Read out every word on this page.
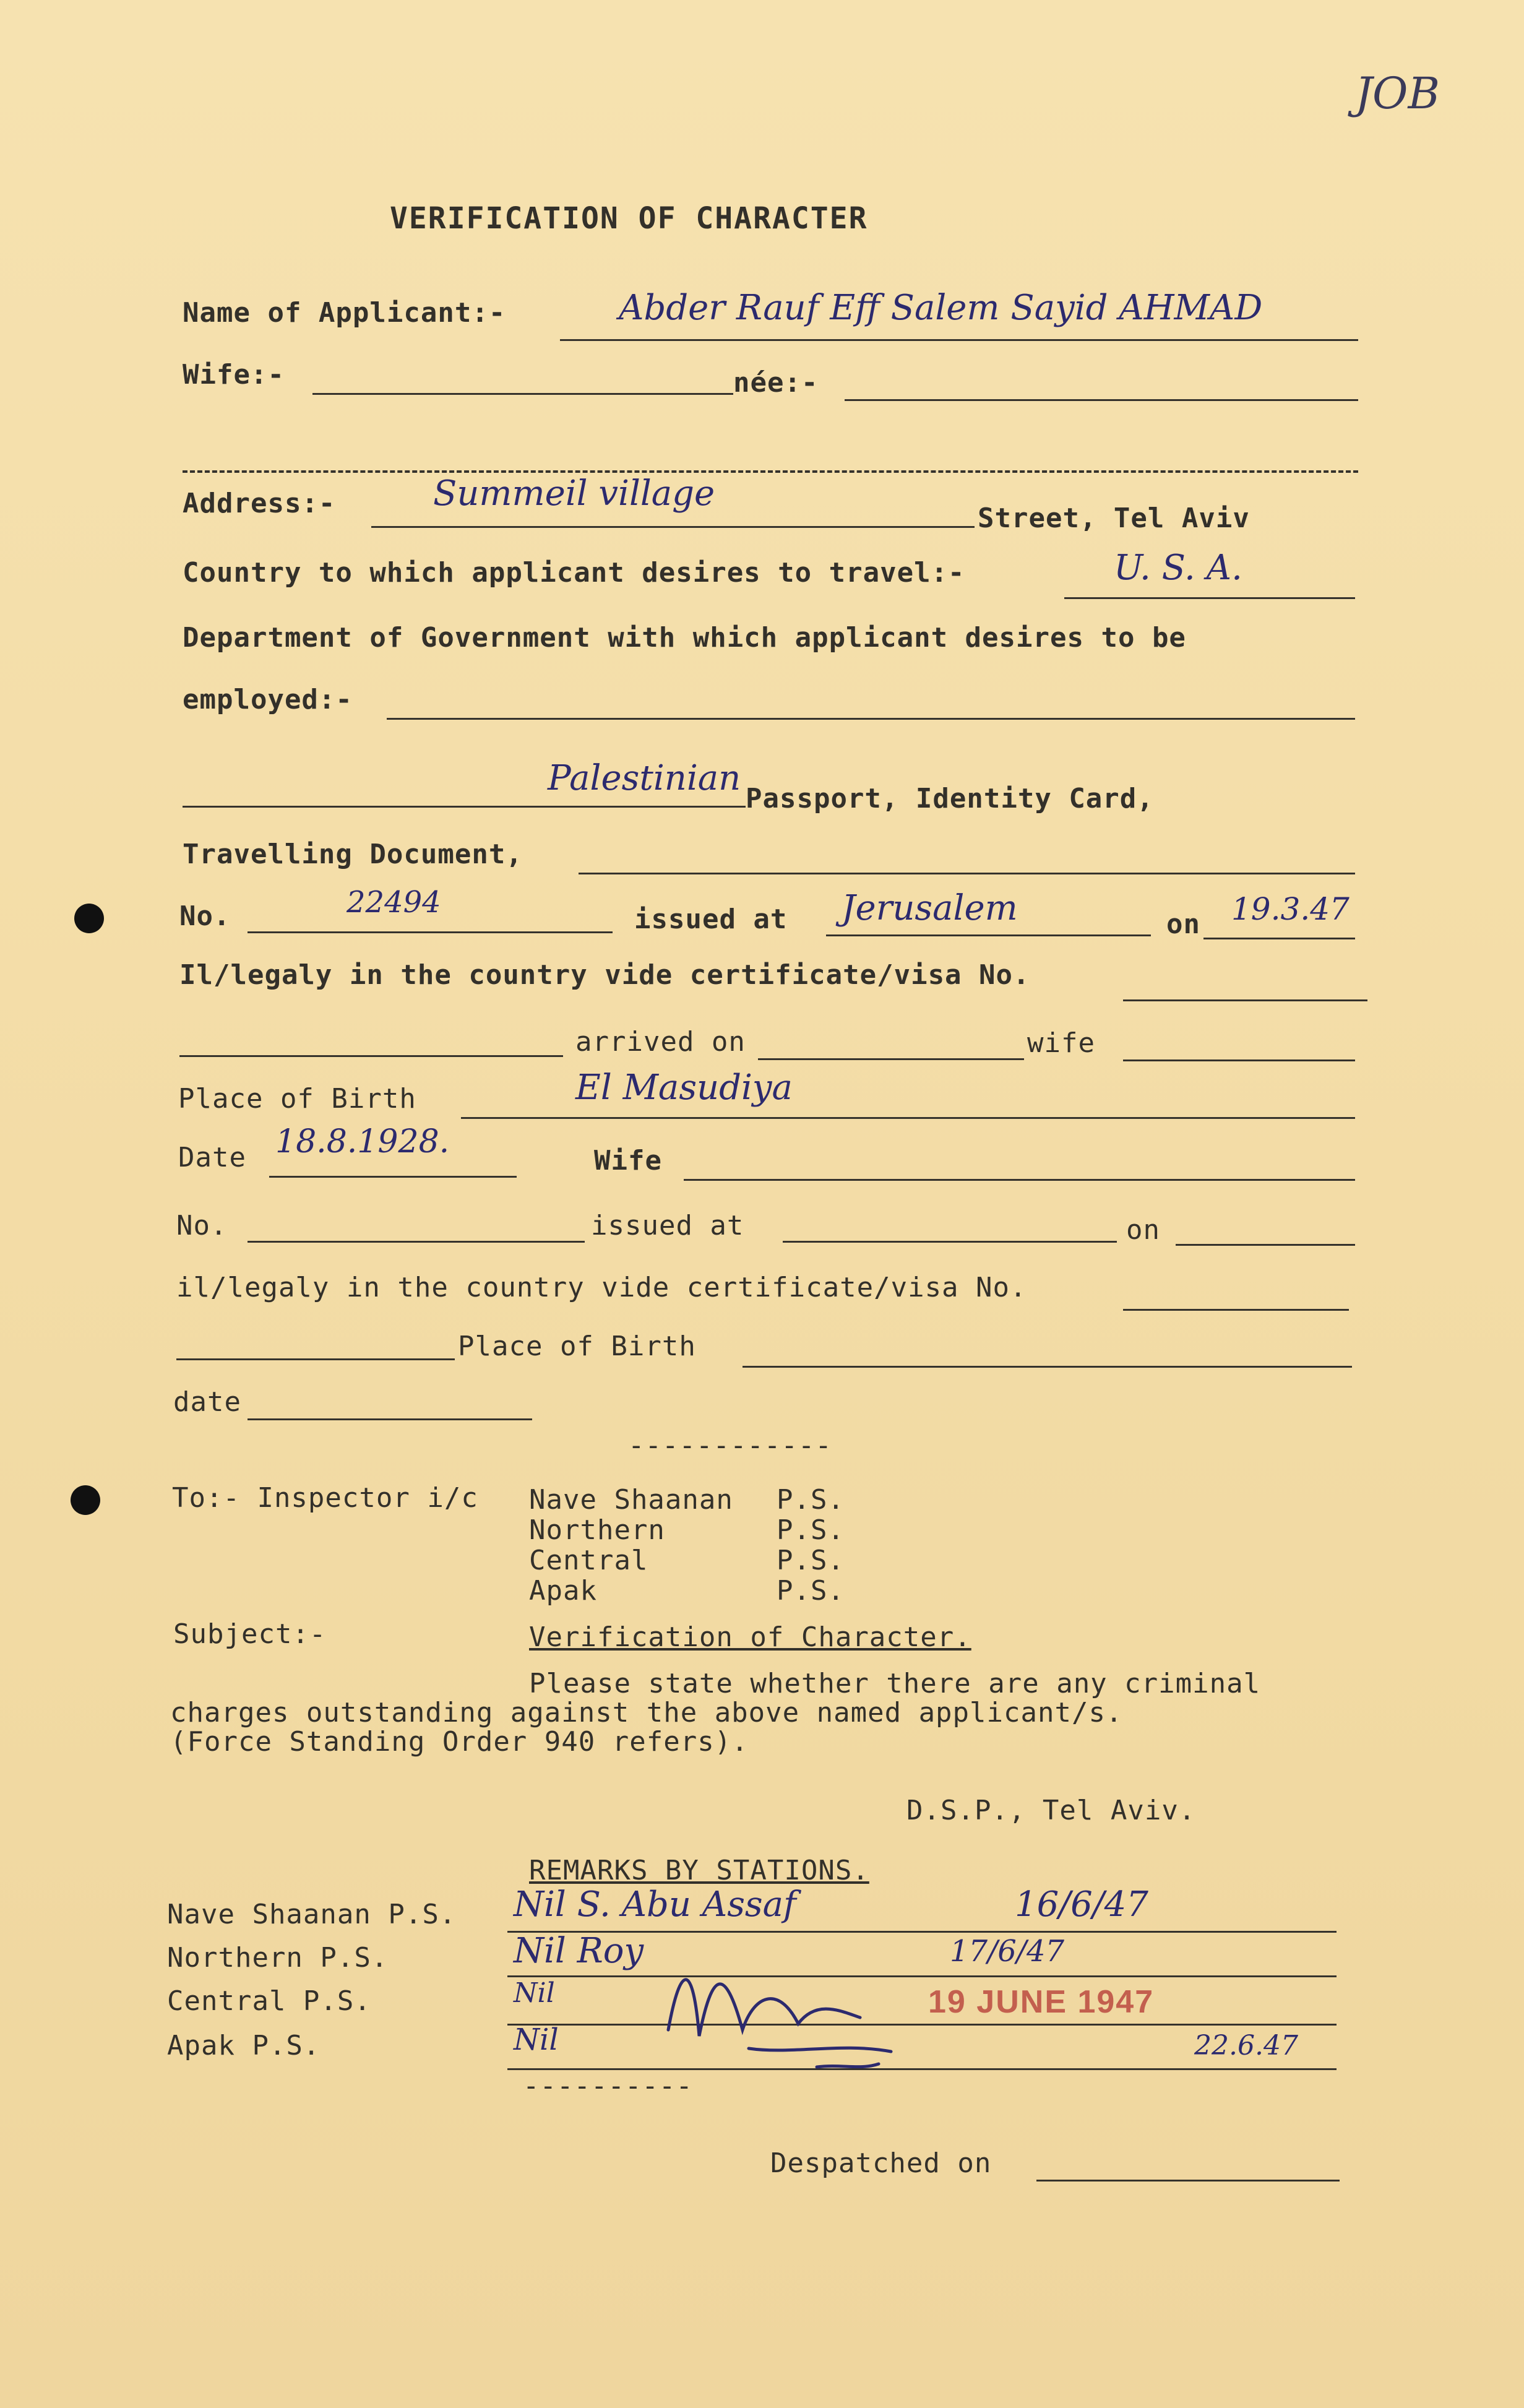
JOB
VERIFICATION OF CHARACTER
Name of Applicant:-	Abder Rauf Eff Salem Sayid AHMAD
Wife:-	née:-
Address:-	Summeil village
Street, Tel Aviv
Country to which applicant desires to travel:-	U. S. A.
Department of Government with which applicant desires to be
employed:-
Palestinian
Passport, Identity Card,
Travelling Document,
No.	22494	issued at Jerusalem	on 19.3.47
Il/legaly in the country vide certificate/visa No.
arrived on	wife
Place of Birth	El Masudiya
Date 18.8.1928.
Wife
No.	issued at	on
il/legaly in the country vide certificate/visa No.
Place of Birth
date
------------
To:- Inspector i/c Nave Shaanan P.S.
Northern	P.S.
Central	P.S.
Apak	P.S.
Subject:-	Verification of Character.
Please state whether there are any criminal
charges outstanding against the above named applicant/s.
(Force Standing Order 940 refers).
D.S.P., Tel Aviv.
REMARKS BY STATIONS.
Nave Shaanan P.S. Nil S. Abu Assaf	16/6/47
Northern P.S.	Nil Roy	17/6/47
Central P.S.	Nil	19 JUNE 1947
Apak P.S.	Nil	22.6.47
----------
Despatched on
